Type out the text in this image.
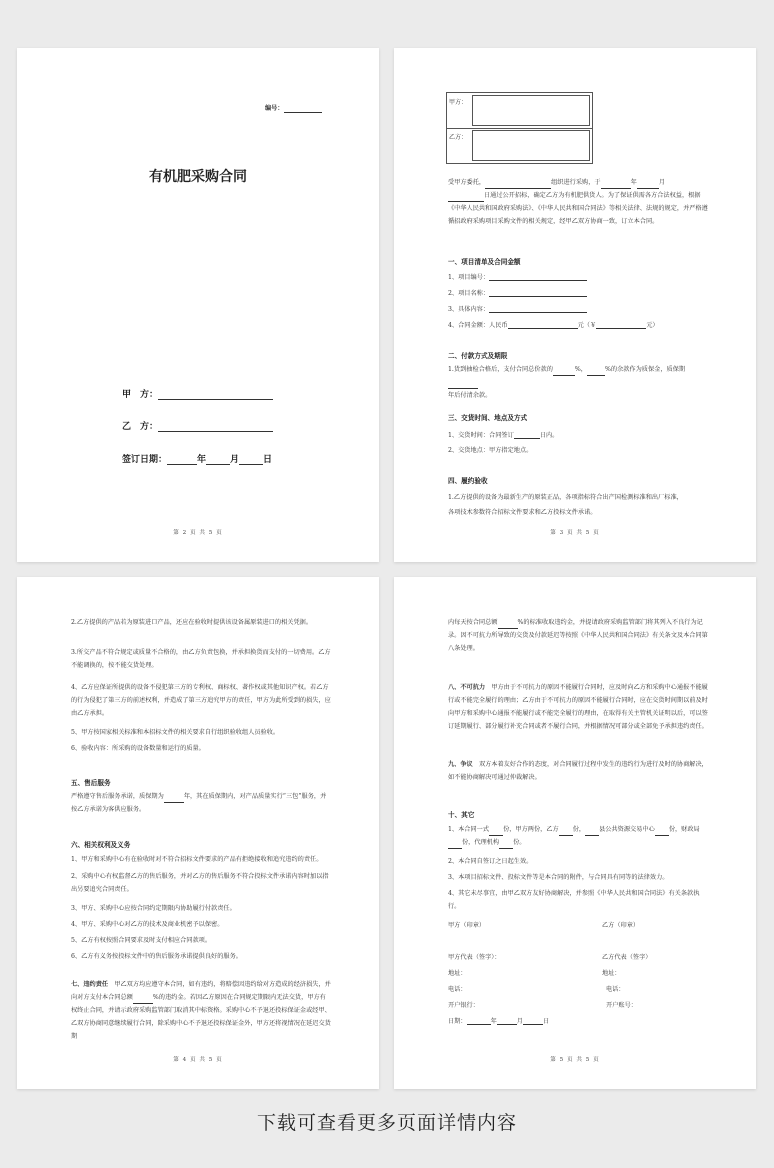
编号：
有机肥采购合同
甲　方：
乙　方：
签订日期：	年	月	日
第 2 页 共 5 页
甲方：
乙方：
受甲方委托，	组织进行采购，于	年	月
日通过公开招标，确定乙方为有机肥供货人。为了保证供需各方合法权益，根据《中华人民共和国政府采购法》、《中华人民共和国合同法》等相关法律、法规的规定，并严格遵循招政府采购项目采购文件的相关规定，经甲乙双方协商一致，订立本合同。
一、项目清单及合同金额
1、项目编号：
2、项目名称：
3、具体内容：
4、合同金额：人民币	元（￥	元）
二、付款方式及期限
1.货到抽检合格后，支付合同总价款的	%，	%的余款作为质保金，质保期
年后付清余款。
三、交货时间、地点及方式
1、交货时间：合同签订	日内。
2、交货地点：甲方指定地点。
四、履约验收
1.乙方提供的设备为最新生产的原装正品，各项指标符合出产国检测标准和出厂标准，
各项技术参数符合招标文件要求和乙方投标文件承诺。
第 3 页 共 5 页
2.乙方提供的产品若为原装进口产品，还应在验收时提供该设备属原装进口的相关凭据。
3.所交产品不符合规定或质量不合格的，由乙方负责包换，并承担换货而支付的一切费用。乙方不能调换的，按不能交货处理。
4、乙方应保证所提供的设备不侵犯第三方的专利权、商标权、著作权或其他知识产权。若乙方的行为侵犯了第三方的前述权利，并造成了第三方追究甲方的责任，甲方为此所受到的损失，应由乙方承担。
5、甲方按国家相关标准和本招标文件的相关要求自行组织验收组人员验收。
6、验收内容：所采购的设备数量和运行的质量。
五、售后服务
严格遵守售后服务承诺，质保期为	年，其在质保期内，对产品质量实行“三包”服务，并按乙方承诺为客供应服务。
六、相关权利及义务
1、甲方和采购中心有在验收时对不符合招标文件要求的产品有拒绝接收和追究违约的责任。
2、采购中心有权监督乙方的售后服务，并对乙方的售后服务不符合投标文件承诺内容时加以指出另要追究合同责任。
3、甲方、采购中心应按合同约定期限内协助履行付款责任。
4、甲方、采购中心对乙方的技术及商业机密予以保密。
5、乙方有权按照合同要求及时支付相应合同款项。
6、乙方有义务按投标文件中的售后服务承诺提供良好的服务。
七、违约责任　 甲乙双方均应遵守本合同，如有违约，将赔偿因违约给对方造成的经济损失，并向对方支付本合同总额	%的违约金。若因乙方原因在合同规定期限内无法交货，甲方有权终止合同，并请示政府采购监管部门取消其中标资格。采购中心不予退还投标保证金或经甲、乙双方协商同意继续履行合同，除采购中心不予退还投标保证金外，甲方还将视情况在延迟交货期
第 4 页 共 5 页
内每天按合同总额	%的标准收取违约金，并提请政府采购监管部门将其列入不良行为记录。因不可抗力所导致的交货及付款延迟等按照《中华人民共和国合同法》有关条文及本合同第八条处理。
八、不可抗力　 甲方由于不可抗力的原因不能履行合同时，应及时向乙方和采购中心通报不能履行或不能完全履行的理由；乙方由于不可抗力的原因不能履行合同时，应在交货时间期以前及时向甲方和采购中心通报不能履行或不能完全履行的理由，在取得有关主管机关证明以后，可以签订延期履行、部分履行补充合同或者不履行合同，并根据情况可部分或全部免予承担违约责任。
九、争议　 双方本着友好合作的态度，对合同履行过程中发生的违约行为进行及时的协商解决，如不能协商解决可通过仲裁解决。
十、其它
1、本合同一式 份，甲方两份，乙方 份， 县公共资源交易中心 份，财政局份，代理机构 份。
2、本合同自签订之日起生效。
3、本项目招标文件、投标文件等是本合同的附件，与合同具有同等的法律效力。
4、其它未尽事宜，由甲乙双方友好协商解决，并参照《中华人民共和国合同法》有关条款执行。
甲方（印章）	乙方（印章）
甲方代表（签字）：	乙方代表（签字）
地址：	地址：
电话：	电话：
开户银行：	开户账号：
日期：	年	月	日
第 5 页 共 5 页
下载可查看更多页面详情内容
